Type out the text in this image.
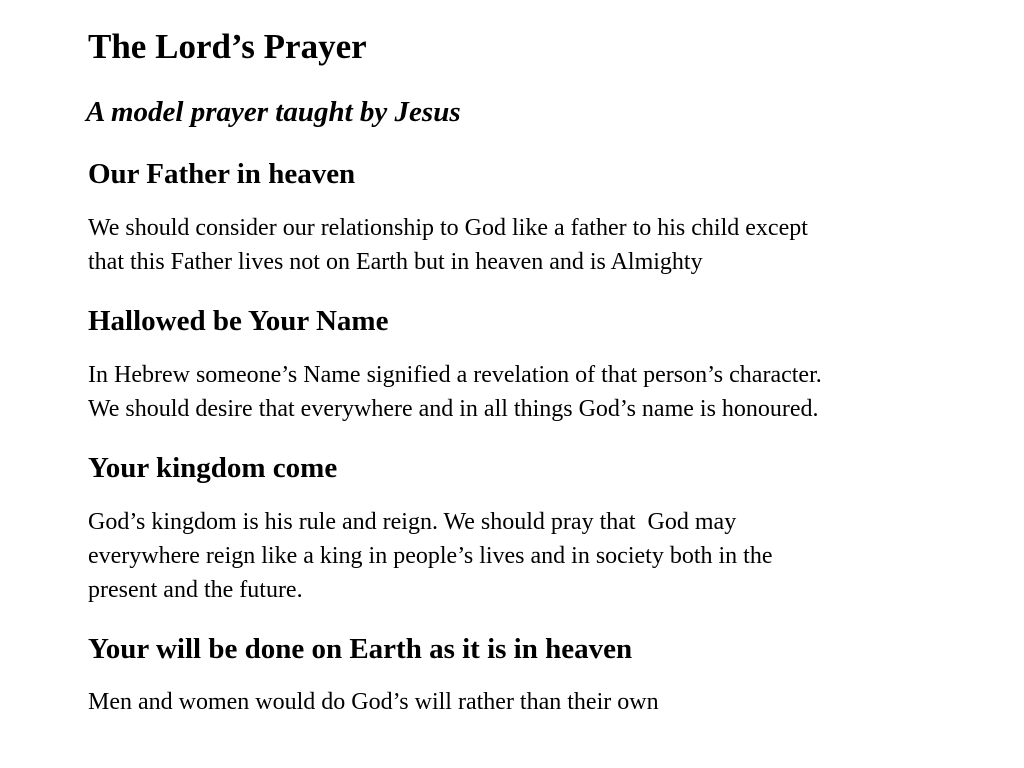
The Lord’s Prayer
A model prayer taught by Jesus
Our Father in heaven

We should consider our relationship to God like a father to his child except
that this Father lives not on Earth but in heaven and is Almighty

Hallowed be Your Name

In Hebrew someone’s Name signified a revelation of that person’s character.
We should desire that everywhere and in all things God’s name is honoured.

Your kingdom come

God’s kingdom is his rule and reign. We should pray that  God may
everywhere reign like a king in people’s lives and in society both in the
present and the future.

Your will be done on Earth as it is in heaven

Men and women would do God’s will rather than their own
